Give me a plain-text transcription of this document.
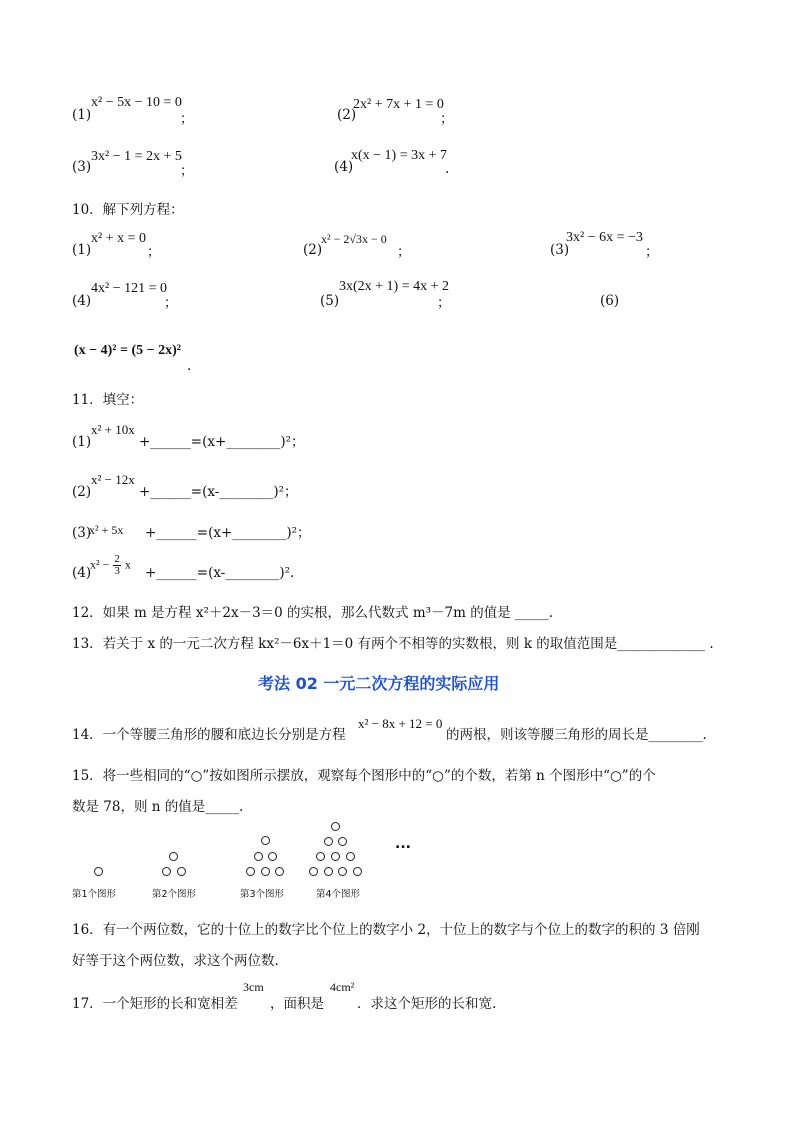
(1)
x² − 5x − 10 = 0
；	(2)
2x² + 7x + 1 = 0
；
(3)
3x² − 1 = 2x + 5
；	(4)
x(x − 1) = 3x + 7
.
10．解下列方程：
(1)
x² + x = 0
；	(2)
x² − 2√3x − 0
；	(3)
3x² − 6x = −3
；
(4)
4x² − 121 = 0
；	(5)
3x(2x + 1) = 4x + 2
；	(6)
(x − 4)² = (5 − 2x)²
.
11．填空：
(1)
x² + 10x
+______=(x+________)²；
(2)
x² − 12x
+______=(x-________)²；
(3)
x² + 5x +______=(x+________)²；
(4)
$x^2 - \frac{2}{3}$ x
+______=(x-________)².
12．如果 m 是方程 x²＋2x－3＝0 的实根，那么代数式 m³－7m 的值是 _____.
13．若关于 x 的一元二次方程 kx²－6x＋1＝0 有两个不相等的实数根，则 k 的取值范围是_____________ .
考法 02 一元二次方程的实际应用
14．一个等腰三角形的腰和底边长分别是方程
x² − 8x + 12 = 0
的两根，则该等腰三角形的周长是________.
15．将一些相同的“○”按如图所示摆放，观察每个图形中的“○”的个数，若第 n 个图形中“○”的个
数是 78，则 n 的值是_____.
...
第1个图形	第2个图形	第3个图形	第4个图形
16．有一个两位数，它的十位上的数字比个位上的数字小 2，十位上的数字与个位上的数字的积的 3 倍刚
好等于这个两位数，求这个两位数.
17．一个矩形的长和宽相差
3cm
，面积是
4cm²
．求这个矩形的长和宽.
